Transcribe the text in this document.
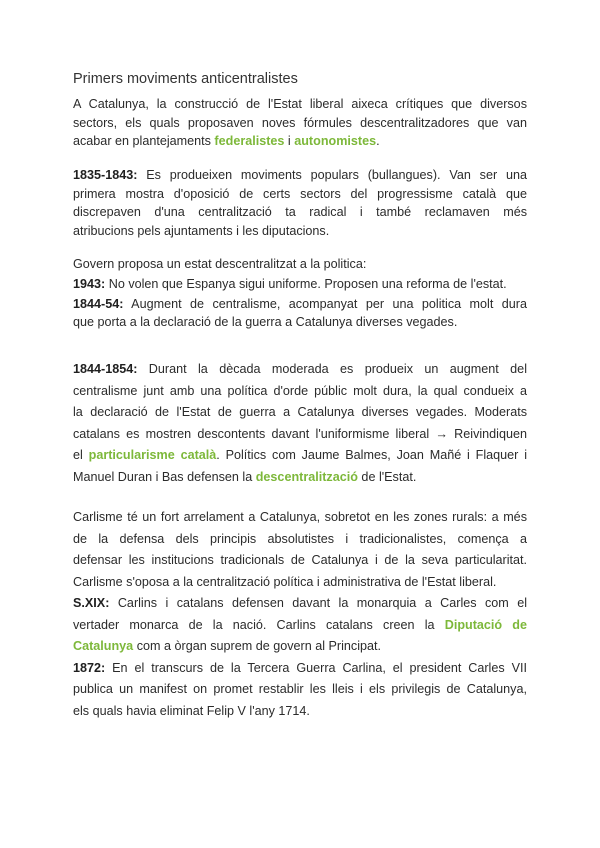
Primers moviments anticentralistes
A Catalunya, la construcció de l'Estat liberal aixeca crítiques que diversos
sectors, els quals proposaven noves fórmules descentralitzadores que van
acabar en plantejaments federalistes i autonomistes.
1835-1843: Es produeixen moviments populars (bullangues). Van ser una
primera mostra d'oposició de certs sectors del progressisme català que
discrepaven d'una centralització ta radical i també reclamaven més
atribucions pels ajuntaments i les diputacions.
Govern proposa un estat descentralitzat a la politica:
1943: No volen que Espanya sigui uniforme. Proposen una reforma de l'estat.
1844-54: Augment de centralisme, acompanyat per una politica molt dura
que porta a la declaració de la guerra a Catalunya diverses vegades.
1844-1854: Durant la dècada moderada es produeix un augment del
centralisme junt amb una política d'orde públic molt dura, la qual condueix a
la declaració de l'Estat de guerra a Catalunya diverses vegades. Moderats
catalans es mostren descontents davant l'uniformisme liberal → Reivindiquen
el particularisme català. Polítics com Jaume Balmes, Joan Mañé i Flaquer i
Manuel Duran i Bas defensen la descentralització de l'Estat.
Carlisme té un fort arrelament a Catalunya, sobretot en les zones rurals: a més
de la defensa dels principis absolutistes i tradicionalistes, comença a
defensar les institucions tradicionals de Catalunya i de la seva particularitat.
Carlisme s'oposa a la centralització política i administrativa de l'Estat liberal.
S.XIX: Carlins i catalans defensen davant la monarquia a Carles com el
vertader monarca de la nació. Carlins catalans creen la Diputació de
Catalunya com a òrgan suprem de govern al Principat.
1872: En el transcurs de la Tercera Guerra Carlina, el president Carles VII
publica un manifest on promet restablir les lleis i els privilegis de Catalunya,
els quals havia eliminat Felip V l'any 1714.
